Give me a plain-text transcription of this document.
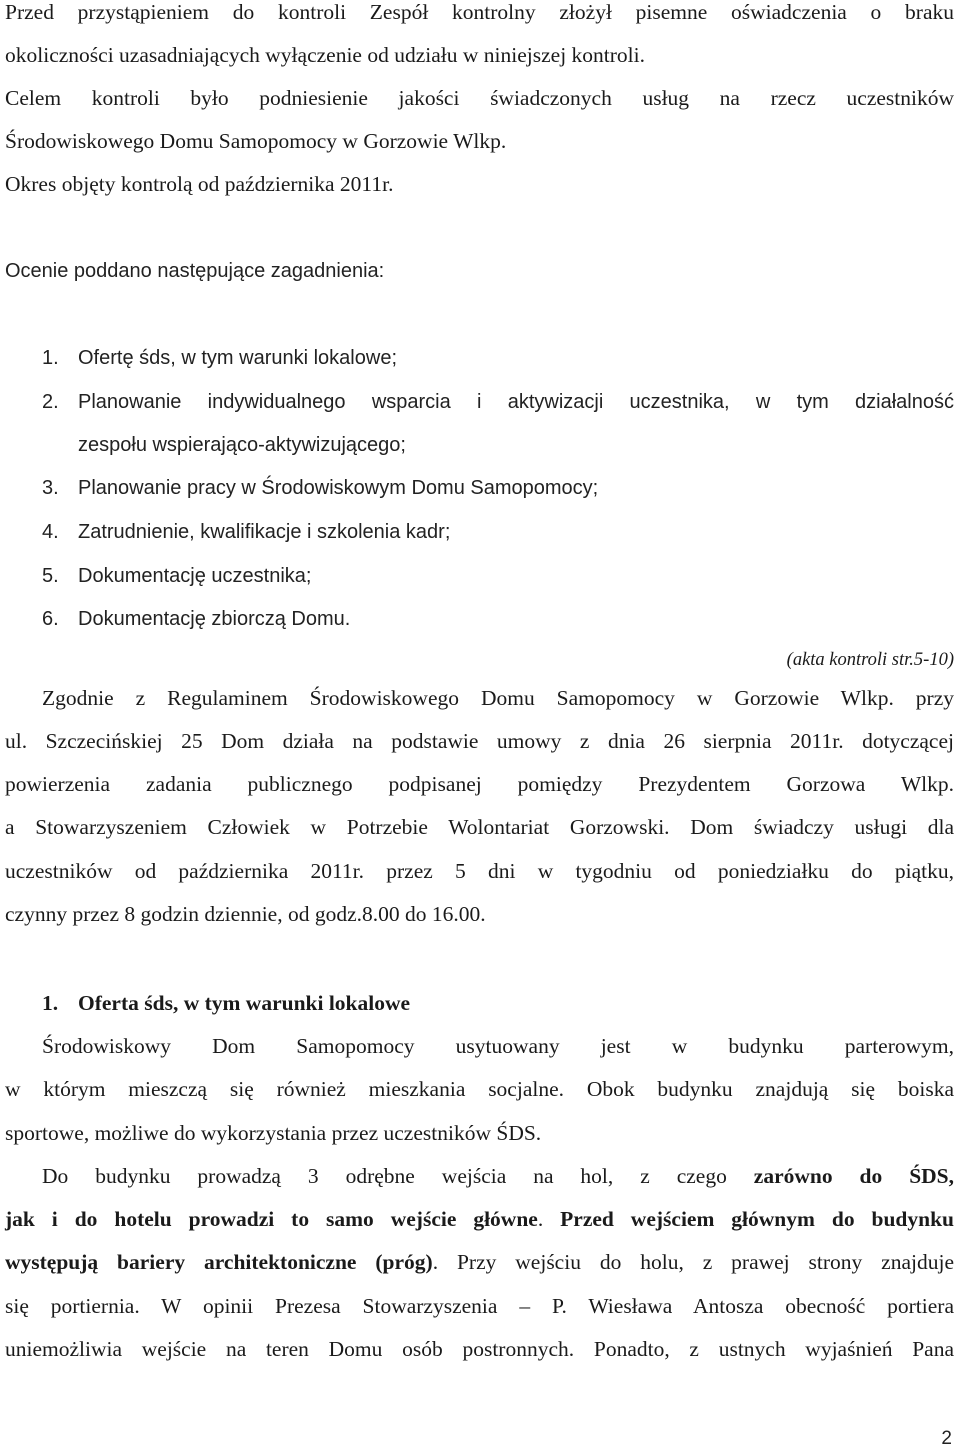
Przed przystąpieniem do kontroli Zespół kontrolny złożył pisemne oświadczenia o braku
okoliczności uzasadniających wyłączenie od udziału w niniejszej kontroli.
Celem kontroli było podniesienie jakości świadczonych usług na rzecz uczestników
Środowiskowego Domu Samopomocy w Gorzowie Wlkp.
Okres objęty kontrolą od października 2011r.
Ocenie poddano następujące zagadnienia:
1. Ofertę śds, w tym warunki lokalowe;
2. Planowanie indywidualnego wsparcia i aktywizacji uczestnika, w tym działalność
zespołu wspierająco-aktywizującego;
3. Planowanie pracy w Środowiskowym Domu Samopomocy;
4. Zatrudnienie, kwalifikacje i szkolenia kadr;
5. Dokumentację uczestnika;
6. Dokumentację zbiorczą Domu.
(akta kontroli str.5-10)
Zgodnie z Regulaminem Środowiskowego Domu Samopomocy w Gorzowie Wlkp. przy
ul. Szczecińskiej 25 Dom działa na podstawie umowy z dnia 26 sierpnia 2011r. dotyczącej
powierzenia zadania publicznego podpisanej pomiędzy Prezydentem Gorzowa Wlkp.
a Stowarzyszeniem Człowiek w Potrzebie Wolontariat Gorzowski. Dom świadczy usługi dla
uczestników od października 2011r. przez 5 dni w tygodniu od poniedziałku do piątku,
czynny przez 8 godzin dziennie, od godz.8.00 do 16.00.
1. Oferta śds, w tym warunki lokalowe
Środowiskowy Dom Samopomocy usytuowany jest w budynku parterowym,
w którym mieszczą się również mieszkania socjalne. Obok budynku znajdują się boiska
sportowe, możliwe do wykorzystania przez uczestników ŚDS.
Do budynku prowadzą 3 odrębne wejścia na hol, z czego zarówno do ŚDS,
jak i do hotelu prowadzi to samo wejście główne. Przed wejściem głównym do budynku
występują bariery architektoniczne (próg). Przy wejściu do holu, z prawej strony znajduje
się portiernia. W opinii Prezesa Stowarzyszenia – P. Wiesława Antosza obecność portiera
uniemożliwia wejście na teren Domu osób postronnych. Ponadto, z ustnych wyjaśnień Pana
2
